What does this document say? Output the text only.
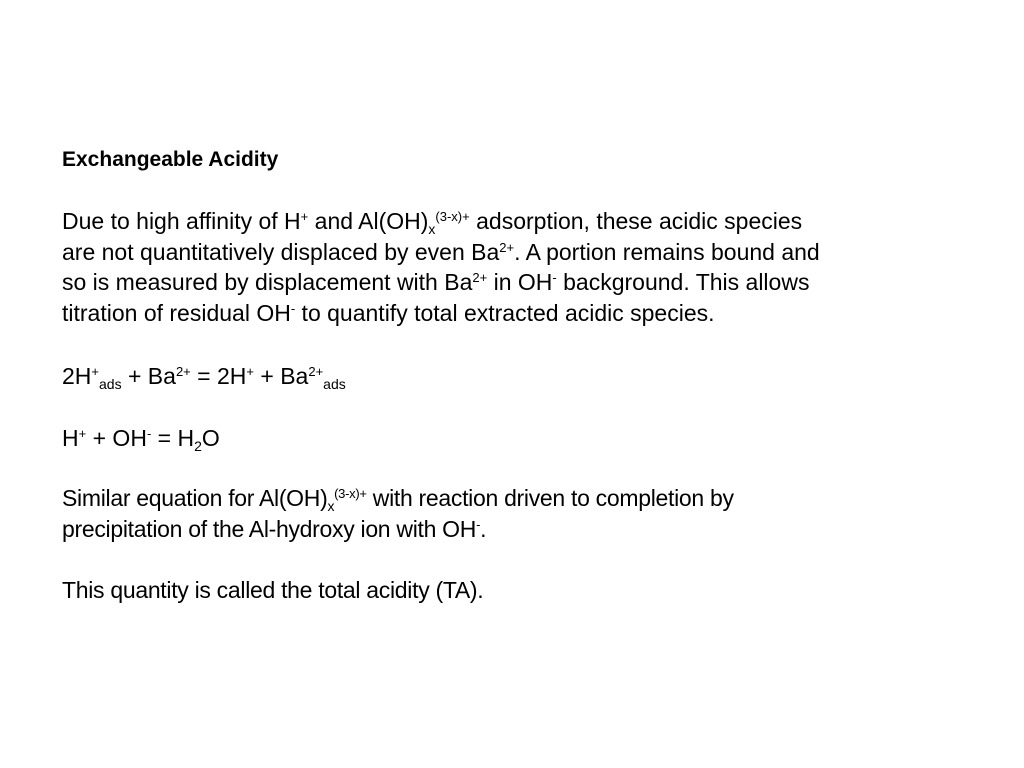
Exchangeable Acidity
Due to high affinity of H+ and $Al(OH)_x^{(3-x)+}$ adsorption, these acidic species
are not quantitatively displaced by even $Ba^{2+}$. A portion remains bound and
so is measured by displacement with $Ba^{2+}$ in OH- background. This allows
titration of residual OH- to quantify total extracted acidic species.
$2H^+_{ads} + Ba^{2+} = 2H^+ + Ba^{2+}_{ads}$
$H^+ + OH^- = H_2O$
Similar equation for $Al(OH)_x^{(3-x)+}$ with reaction driven to completion by
precipitation of the Al-hydroxy ion with OH-.
This quantity is called the total acidity (TA).
